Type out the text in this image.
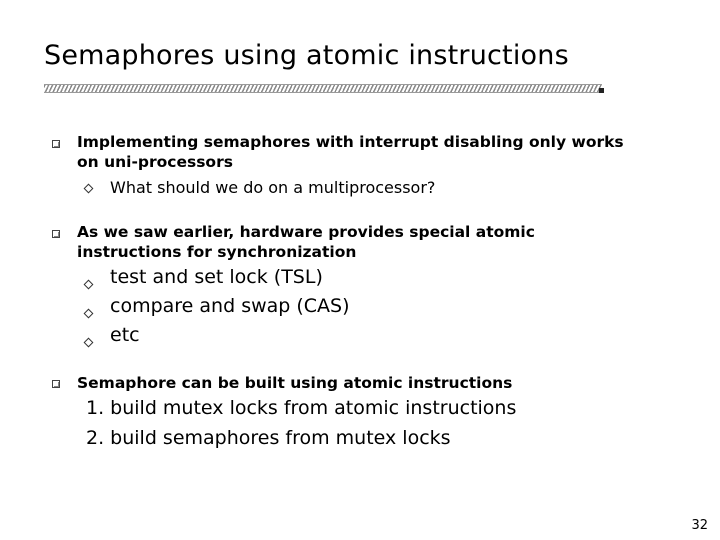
Semaphores using atomic instructions
Implementing semaphores with interrupt disabling only works on uni-processors
What should we do on a multiprocessor?
As we saw earlier, hardware provides special atomic instructions for synchronization
test and set lock (TSL)
compare and swap (CAS)
etc
Semaphore can be built using atomic instructions
1. build mutex locks from atomic instructions
2. build semaphores from mutex locks
32
